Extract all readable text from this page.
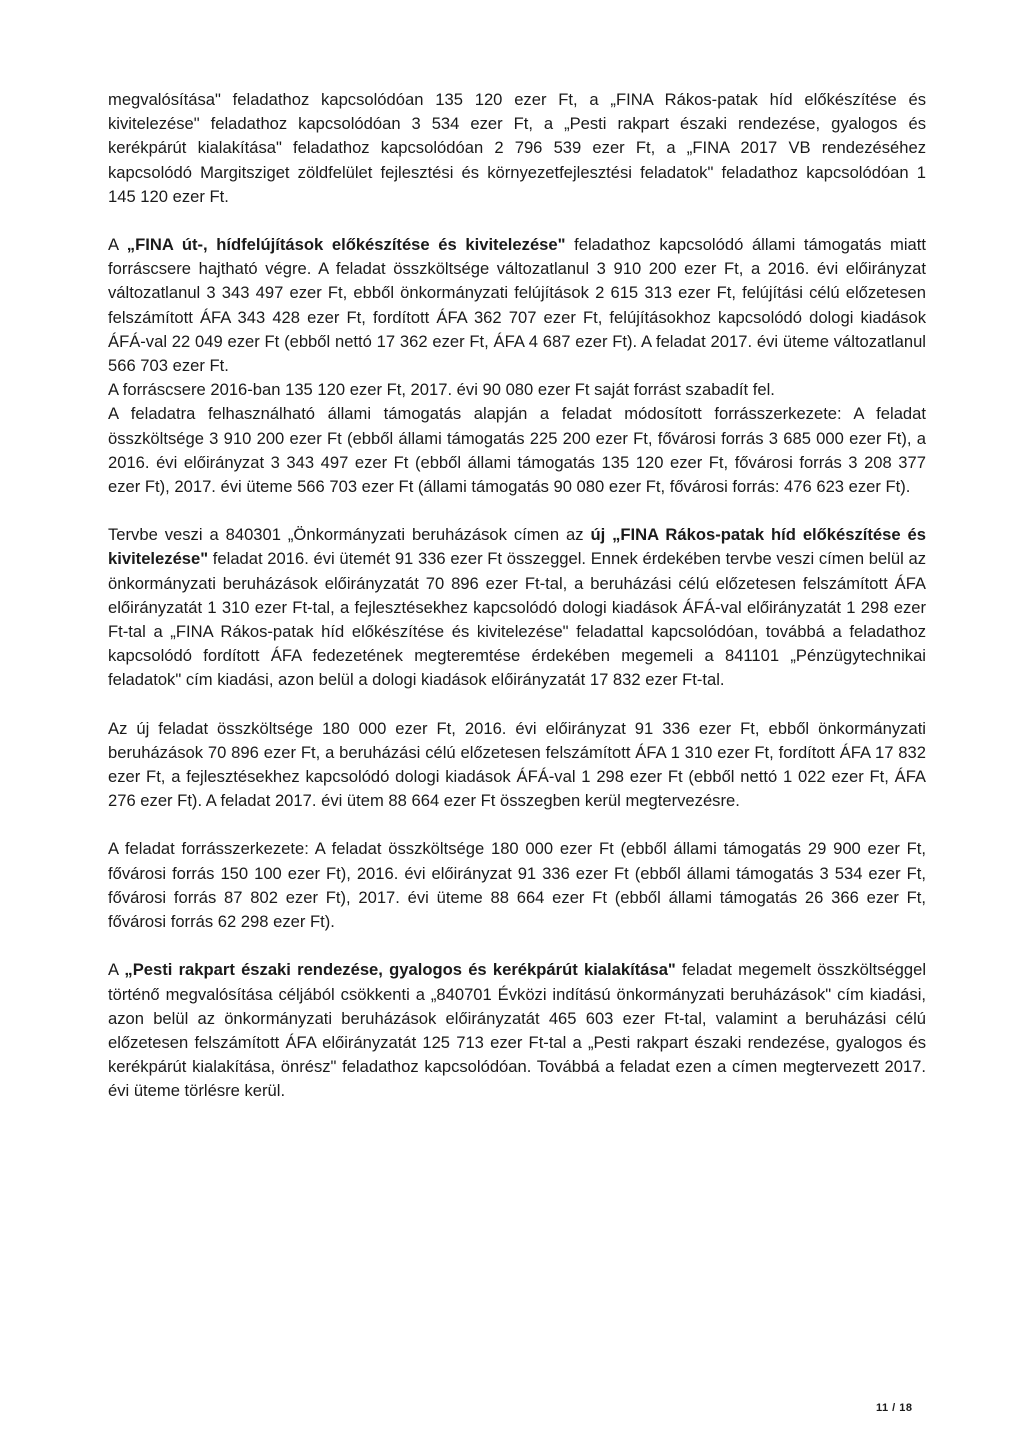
megvalósítása" feladathoz kapcsolódóan 135 120 ezer Ft, a „FINA Rákos-patak híd előkészítése és kivitelezése" feladathoz kapcsolódóan 3 534 ezer Ft, a „Pesti rakpart északi rendezése, gyalogos és kerékpárút kialakítása" feladathoz kapcsolódóan 2 796 539 ezer Ft, a „FINA 2017 VB rendezéséhez kapcsolódó Margitsziget zöldfelület fejlesztési és környezetfejlesztési feladatok" feladathoz kapcsolódóan 1 145 120 ezer Ft.

A „FINA út-, hídfelújítások előkészítése és kivitelezése" feladathoz kapcsolódó állami támogatás miatt forráscsere hajtható végre. A feladat összköltsége változatlanul 3 910 200 ezer Ft, a 2016. évi előirányzat változatlanul 3 343 497 ezer Ft, ebből önkormányzati felújítások 2 615 313 ezer Ft, felújítási célú előzetesen felszámított ÁFA 343 428 ezer Ft, fordított ÁFA 362 707 ezer Ft, felújításokhoz kapcsolódó dologi kiadások ÁFÁ-val 22 049 ezer Ft (ebből nettó 17 362 ezer Ft, ÁFA 4 687 ezer Ft). A feladat 2017. évi üteme változatlanul 566 703 ezer Ft.

A forráscsere 2016-ban 135 120 ezer Ft, 2017. évi 90 080 ezer Ft saját forrást szabadít fel.

A feladatra felhasználható állami támogatás alapján a feladat módosított forrásszerkezete: A feladat összköltsége 3 910 200 ezer Ft (ebből állami támogatás 225 200 ezer Ft, fővárosi forrás 3 685 000 ezer Ft), a 2016. évi előirányzat 3 343 497 ezer Ft (ebből állami támogatás 135 120 ezer Ft, fővárosi forrás 3 208 377 ezer Ft), 2017. évi üteme 566 703 ezer Ft (állami támogatás 90 080 ezer Ft, fővárosi forrás: 476 623 ezer Ft).

Tervbe veszi a 840301 „Önkormányzati beruházások címen az új „FINA Rákos-patak híd előkészítése és kivitelezése" feladat 2016. évi ütemét 91 336 ezer Ft összeggel. Ennek érdekében tervbe veszi címen belül az önkormányzati beruházások előirányzatát 70 896 ezer Ft-tal, a beruházási célú előzetesen felszámított ÁFA előirányzatát 1 310 ezer Ft-tal, a fejlesztésekhez kapcsolódó dologi kiadások ÁFÁ-val előirányzatát 1 298 ezer Ft-tal a „FINA Rákos-patak híd előkészítése és kivitelezése" feladattal kapcsolódóan, továbbá a feladathoz kapcsolódó fordított ÁFA fedezetének megteremtése érdekében megemeli a 841101 „Pénzügytechnikai feladatok" cím kiadási, azon belül a dologi kiadások előirányzatát 17 832 ezer Ft-tal.

Az új feladat összköltsége 180 000 ezer Ft, 2016. évi előirányzat 91 336 ezer Ft, ebből önkormányzati beruházások 70 896 ezer Ft, a beruházási célú előzetesen felszámított ÁFA 1 310 ezer Ft, fordított ÁFA 17 832 ezer Ft, a fejlesztésekhez kapcsolódó dologi kiadások ÁFÁ-val 1 298 ezer Ft (ebből nettó 1 022 ezer Ft, ÁFA 276 ezer Ft). A feladat 2017. évi ütem 88 664 ezer Ft összegben kerül megtervezésre.

A feladat forrásszerkezete: A feladat összköltsége 180 000 ezer Ft (ebből állami támogatás 29 900 ezer Ft, fővárosi forrás 150 100 ezer Ft), 2016. évi előirányzat 91 336 ezer Ft (ebből állami támogatás 3 534 ezer Ft, fővárosi forrás 87 802 ezer Ft), 2017. évi üteme 88 664 ezer Ft (ebből állami támogatás 26 366 ezer Ft, fővárosi forrás 62 298 ezer Ft).

A „Pesti rakpart északi rendezése, gyalogos és kerékpárút kialakítása" feladat megemelt összköltséggel történő megvalósítása céljából csökkenti a „840701 Évközi indítású önkormányzati beruházások" cím kiadási, azon belül az önkormányzati beruházások előirányzatát 465 603 ezer Ft-tal, valamint a beruházási célú előzetesen felszámított ÁFA előirányzatát 125 713 ezer Ft-tal a „Pesti rakpart északi rendezése, gyalogos és kerékpárút kialakítása, önrész" feladathoz kapcsolódóan. Továbbá a feladat ezen a címen megtervezett 2017. évi üteme törlésre kerül.

11 / 18
